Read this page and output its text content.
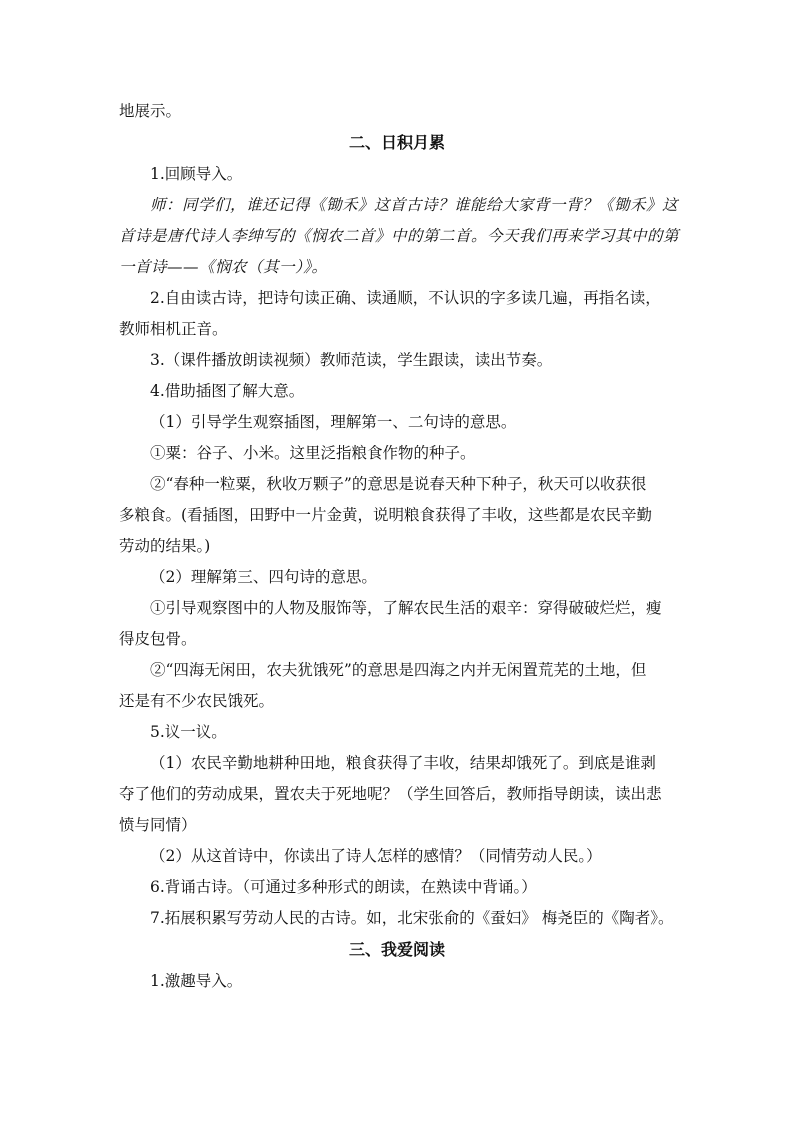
地展示。

二、日积月累

1.回顾导入。

师：同学们，谁还记得《锄禾》这首古诗？谁能给大家背一背？《锄禾》这

首诗是唐代诗人李绅写的《悯农二首》中的第二首。今天我们再来学习其中的第

一首诗——《悯农（其一）》。

2.自由读古诗，把诗句读正确、读通顺，不认识的字多读几遍，再指名读，

教师相机正音。

3.（课件播放朗读视频）教师范读，学生跟读，读出节奏。

4.借助插图了解大意。

（1）引导学生观察插图，理解第一、二句诗的意思。

①粟：谷子、小米。这里泛指粮食作物的种子。

②“春种一粒粟，秋收万颗子”的意思是说春天种下种子，秋天可以收获很

多粮食。(看插图，田野中一片金黄，说明粮食获得了丰收，这些都是农民辛勤

劳动的结果。)

（2）理解第三、四句诗的意思。

①引导观察图中的人物及服饰等，了解农民生活的艰辛：穿得破破烂烂，瘦

得皮包骨。

②“四海无闲田，农夫犹饿死”的意思是四海之内并无闲置荒芜的土地，但

还是有不少农民饿死。

5.议一议。

（1）农民辛勤地耕种田地，粮食获得了丰收，结果却饿死了。到底是谁剥

夺了他们的劳动成果，置农夫于死地呢？（学生回答后，教师指导朗读，读出悲

愤与同情）

（2）从这首诗中，你读出了诗人怎样的感情？（同情劳动人民。）

6.背诵古诗。（可通过多种形式的朗读，在熟读中背诵。）

7.拓展积累写劳动人民的古诗。如，北宋张俞的《蚕妇》 梅尧臣的《陶者》。

三、我爱阅读

1.激趣导入。
